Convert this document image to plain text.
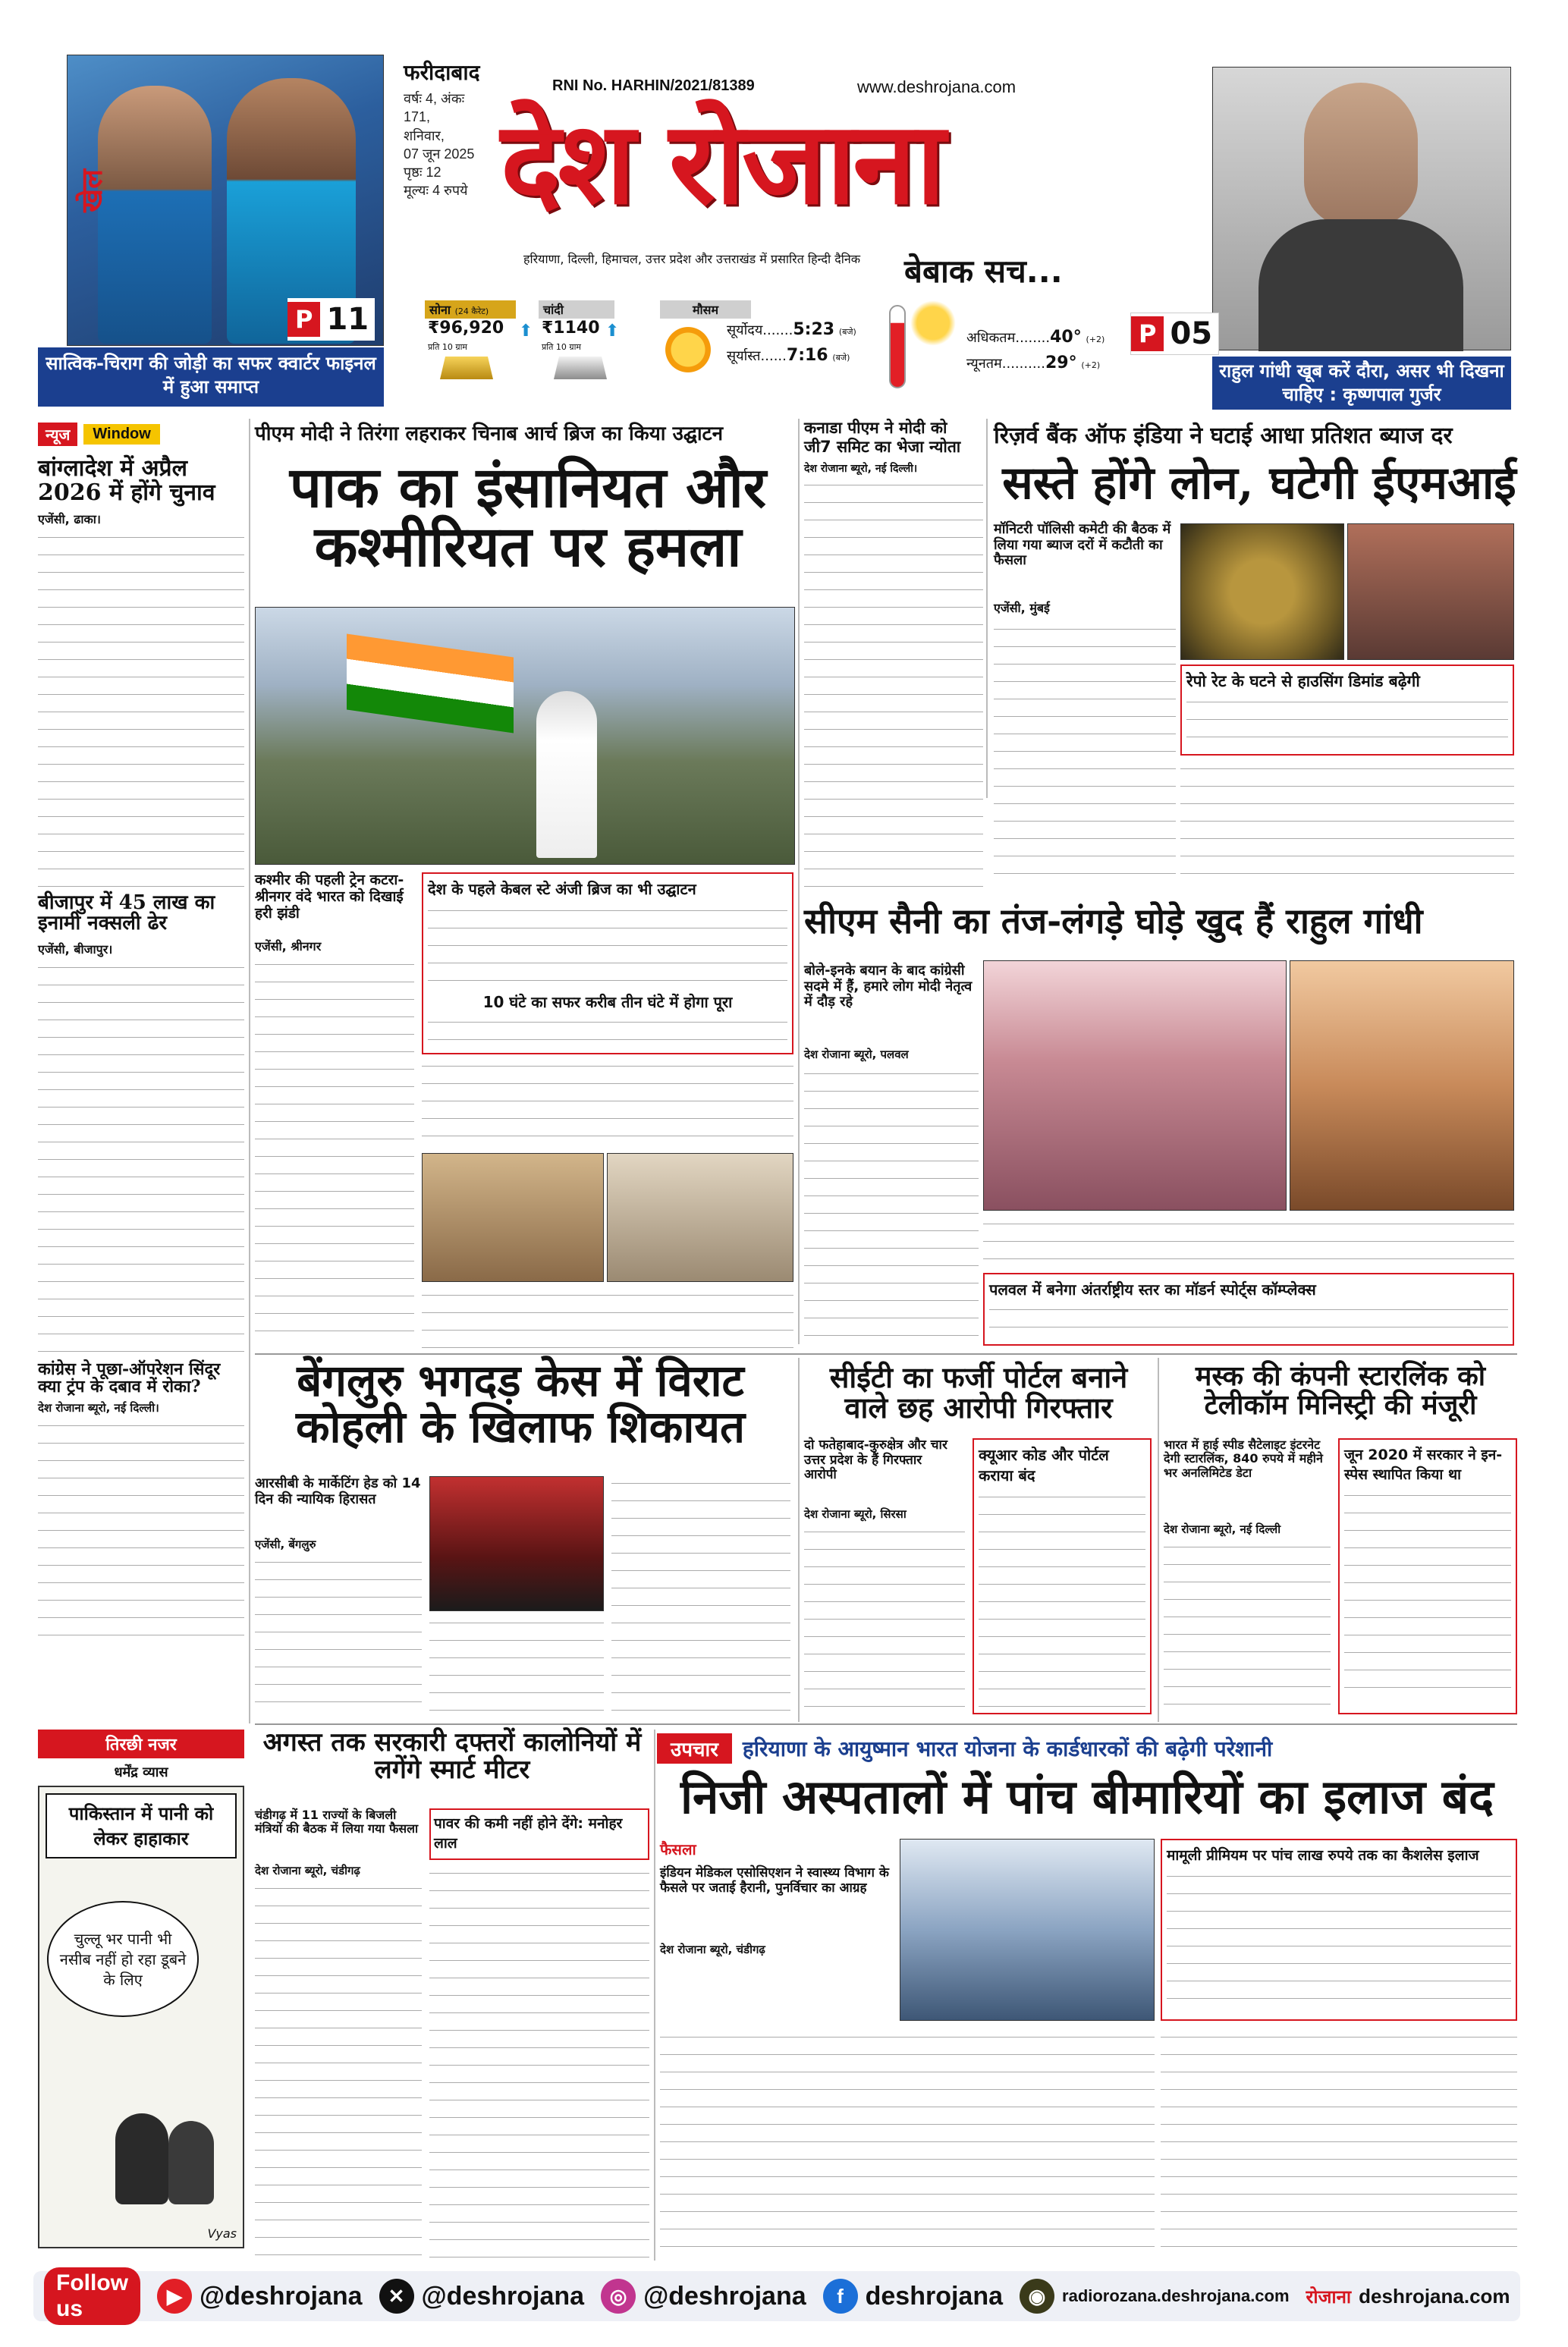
खेल
P 11
सात्विक-चिराग की जोड़ी का सफर क्वार्टर फाइनल में हुआ समाप्त
फरीदाबाद
वर्षः 4, अंकः 171,
शनिवार,
07 जून 2025
पृष्ठः 12
मूल्यः 4 रुपये
RNI No. HARHIN/2021/81389	www.deshrojana.com
देश रोजाना
हरियाणा, दिल्ली, हिमाचल, उत्तर प्रदेश और उत्तराखंड में प्रसारित हिन्दी दैनिक बेबाक सच...
सोना (24 कैरेट)
₹96,920 ⬆
प्रति 10 ग्राम
चांदी
₹1140 ⬆
प्रति 10 ग्राम
मौसम
सूर्योदय.......5:23 (बजे)
सूर्यास्त......7:16 (बजे)
अधिकतम........40° (+2)
न्यूनतम..........29° (+2)
P 05
राहुल गांधी खूब करें दौरा, असर भी दिखना चाहिए : कृष्णपाल गुर्जर
न्यूज	Window
बांग्लादेश में अप्रैल 2026 में होंगे चुनाव
एजेंसी, ढाका।
बीजापुर में 45 लाख का इनामी नक्सली ढेर
एजेंसी, बीजापुर।
कांग्रेस ने पूछा-ऑपरेशन सिंदूर क्या ट्रंप के दबाव में रोका?
देश रोजाना ब्यूरो, नई दिल्ली।
पीएम मोदी ने तिरंगा लहराकर चिनाब आर्च ब्रिज का किया उद्घाटन
पाक का इंसानियत और कश्मीरियत पर हमला
कश्मीर की पहली ट्रेन कटरा-श्रीनगर वंदे भारत को दिखाई हरी झंडी
एजेंसी, श्रीनगर
देश के पहले केबल स्टे अंजी ब्रिज का भी उद्घाटन
10 घंटे का सफर करीब तीन घंटे में होगा पूरा
कनाडा पीएम ने मोदी को जी7 समिट का भेजा न्योता
देश रोजाना ब्यूरो, नई दिल्ली।
रिज़र्व बैंक ऑफ इंडिया ने घटाई आधा प्रतिशत ब्याज दर
सस्ते होंगे लोन, घटेगी ईएमआई
मॉनिटरी पॉलिसी कमेटी की बैठक में लिया गया ब्याज दरों में कटौती का फैसला
एजेंसी, मुंबई
रेपो रेट के घटने से हाउसिंग डिमांड बढ़ेगी
सीएम सैनी का तंज-लंगड़े घोड़े खुद हैं राहुल गांधी
बोले-इनके बयान के बाद कांग्रेसी सदमे में हैं, हमारे लोग मोदी नेतृत्व में दौड़ रहे
देश रोजाना ब्यूरो, पलवल
पलवल में बनेगा अंतर्राष्ट्रीय स्तर का मॉडर्न स्पोर्ट्स कॉम्प्लेक्स
बेंगलुरु भगदड़ केस में विराट कोहली के खिलाफ शिकायत
आरसीबी के मार्केटिंग हेड को 14 दिन की न्यायिक हिरासत
एजेंसी, बेंगलुरु
सीईटी का फर्जी पोर्टल बनाने वाले छह आरोपी गिरफ्तार
दो फतेहाबाद-कुरुक्षेत्र और चार उत्तर प्रदेश के हैं गिरफ्तार आरोपी
देश रोजाना ब्यूरो, सिरसा
क्यूआर कोड और पोर्टल कराया बंद
मस्क की कंपनी स्टारलिंक को टेलीकॉम मिनिस्ट्री की मंजूरी
भारत में हाई स्पीड सैटेलाइट इंटरनेट देगी स्टारलिंक, 840 रुपये में महीने भर अनलिमिटेड डेटा
देश रोजाना ब्यूरो, नई दिल्ली
जून 2020 में सरकार ने इन-स्पेस स्थापित किया था
तिरछी नजर
धर्मेंद्र व्यास
पाकिस्तान में पानी को लेकर हाहाकार
चुल्लू भर पानी भी नसीब नहीं हो रहा डूबने के लिए
Vyas
अगस्त तक सरकारी दफ्तरों कालोनियों में लगेंगे स्मार्ट मीटर
चंडीगढ़ में 11 राज्यों के बिजली मंत्रियों की बैठक में लिया गया फैसला
देश रोजाना ब्यूरो, चंडीगढ़
पावर की कमी नहीं होने देंगे: मनोहर लाल
उपचार	हरियाणा के आयुष्मान भारत योजना के कार्डधारकों की बढ़ेगी परेशानी
निजी अस्पतालों में पांच बीमारियों का इलाज बंद
फैसला
इंडियन मेडिकल एसोसिएशन ने स्वास्थ्य विभाग के फैसले पर जताई हैरानी, पुनर्विचार का आग्रह
देश रोजाना ब्यूरो, चंडीगढ़
मामूली प्रीमियम पर पांच लाख रुपये तक का कैशलेस इलाज
Follow us
▶ @deshrojana	✕ @deshrojana	◎ @deshrojana	f deshrojana	◉ radiorozana.deshrojana.com रोजाना deshrojana.com
